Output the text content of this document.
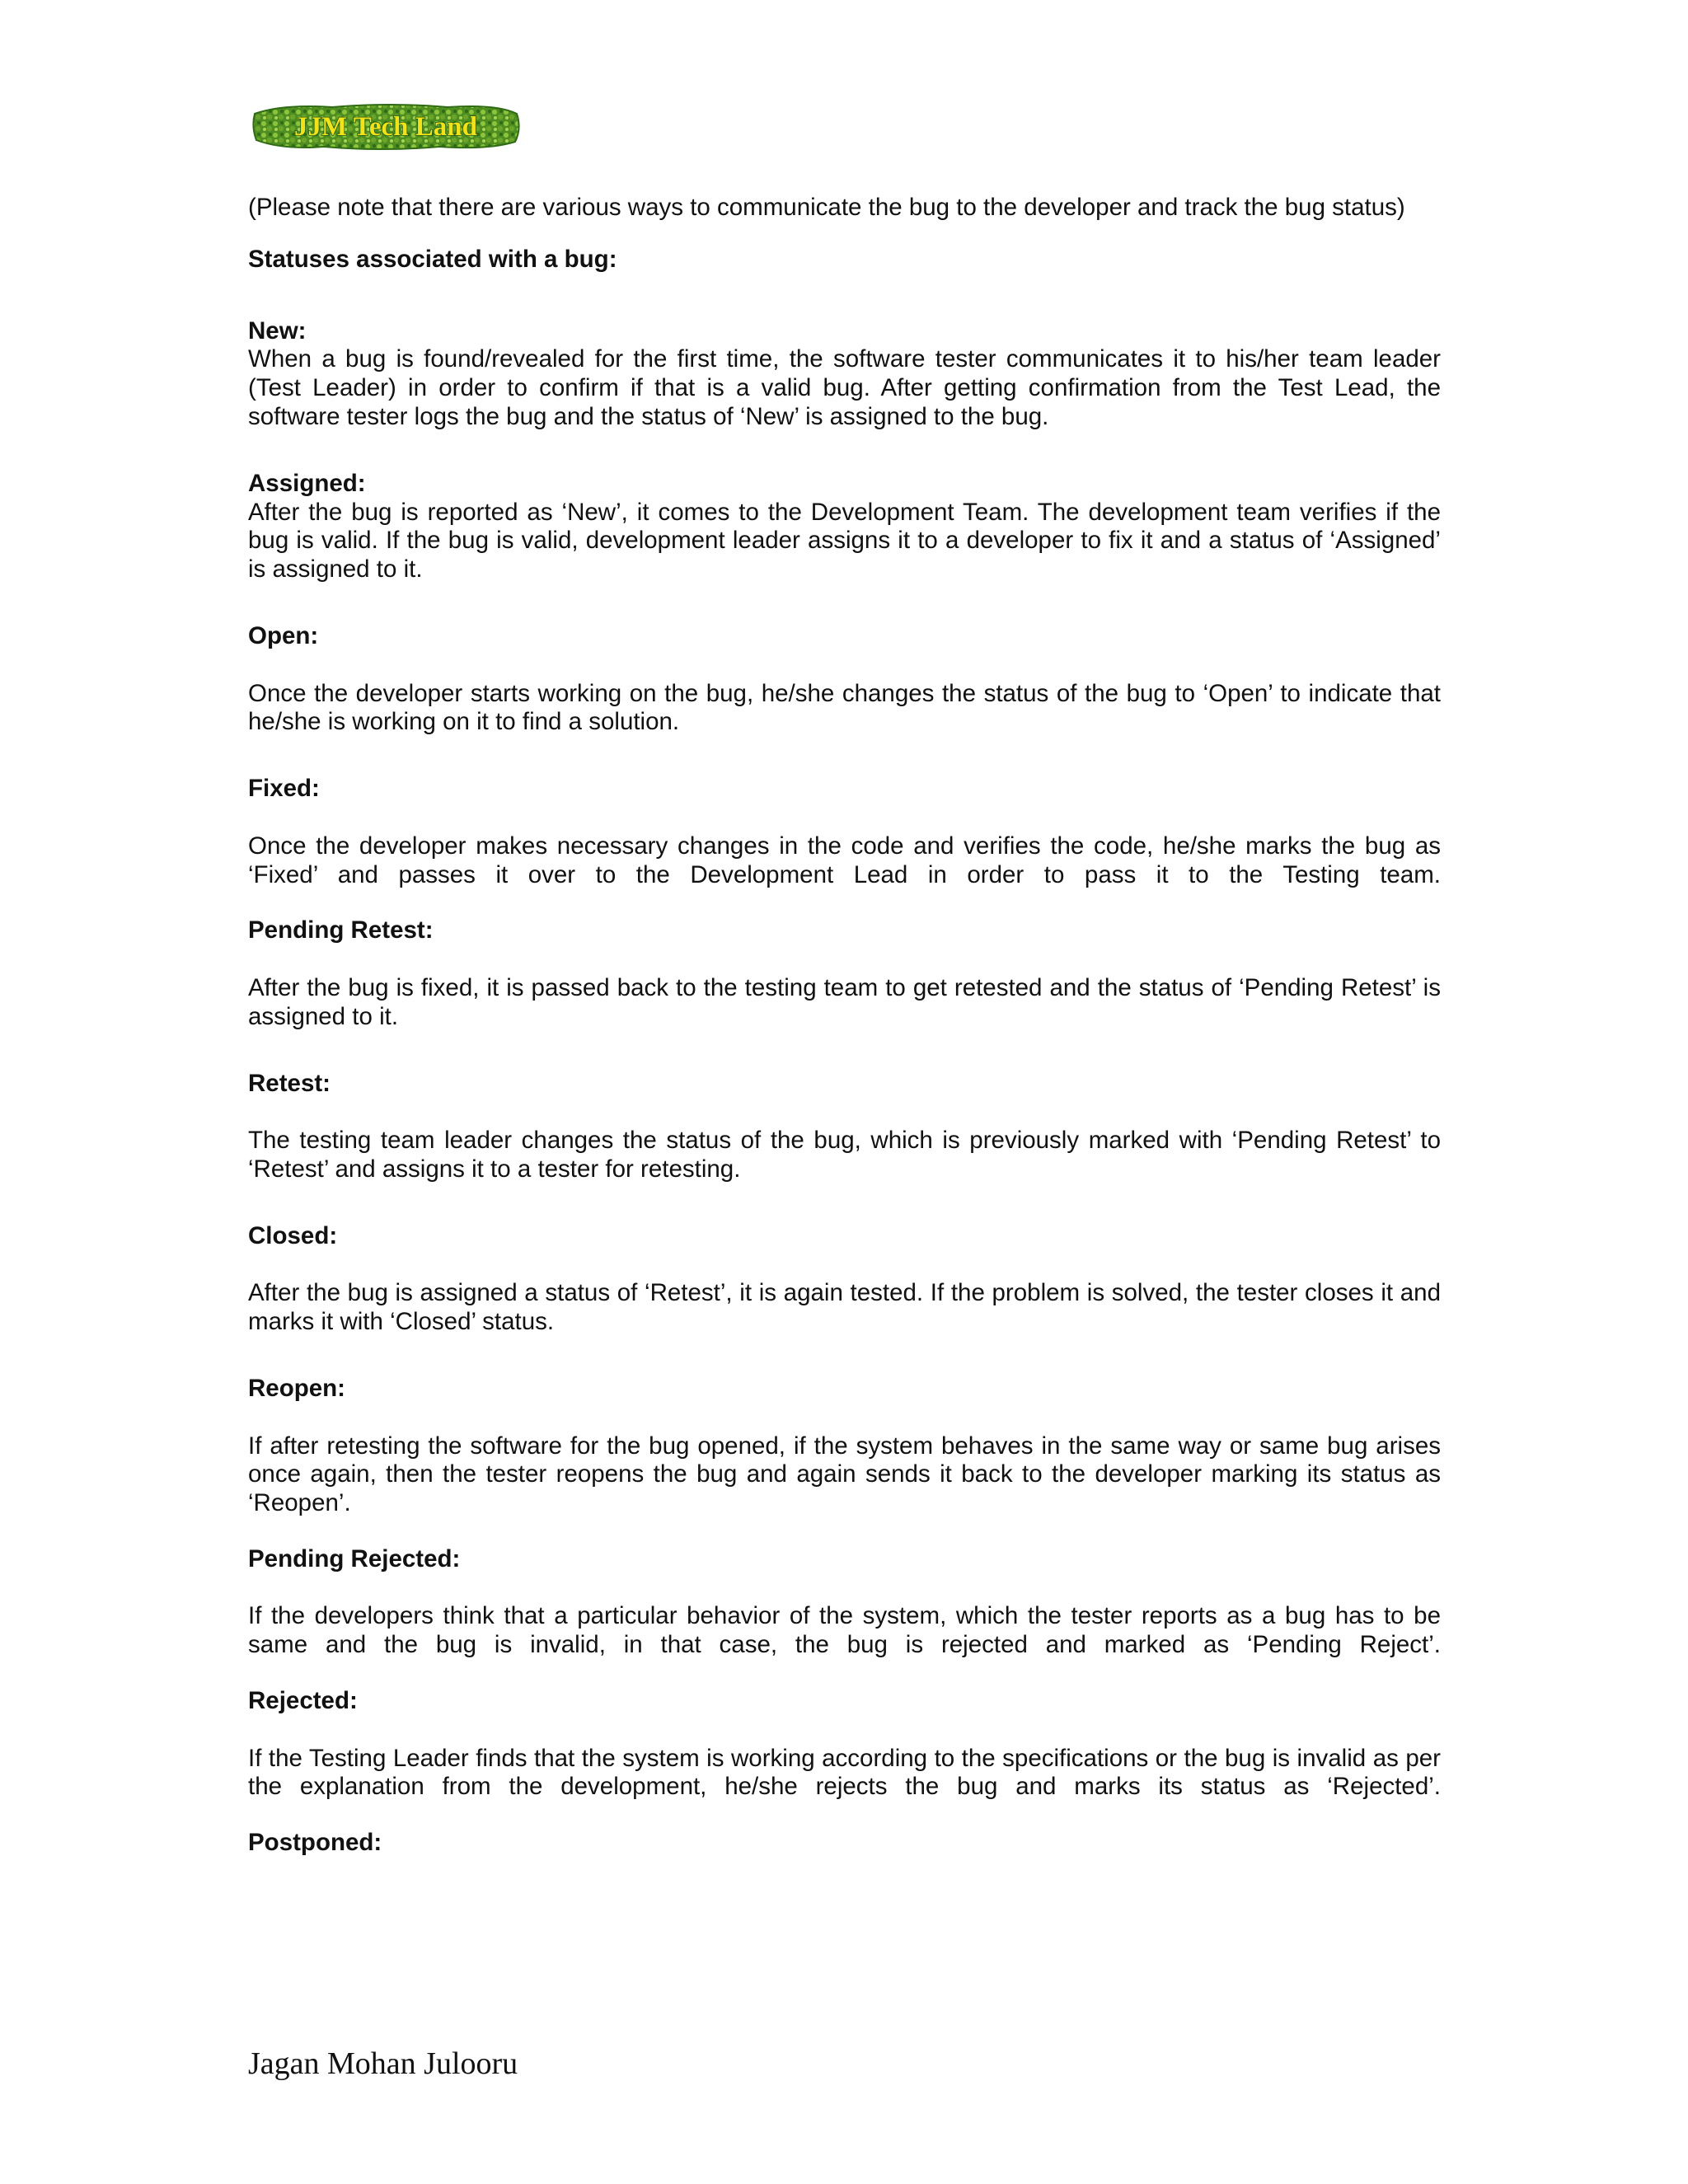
JJM Tech Land

(Please note that there are various ways to communicate the bug to the developer and track the bug status)

Statuses associated with a bug:

New:

When a bug is found/revealed for the first time, the software tester communicates it to his/her team leader (Test Leader) in order to confirm if that is a valid bug. After getting confirmation from the Test Lead, the software tester logs the bug and the status of ‘New’ is assigned to the bug.

Assigned:

After the bug is reported as ‘New’, it comes to the Development Team. The development team verifies if the bug is valid. If the bug is valid, development leader assigns it to a developer to fix it and a status of ‘Assigned’ is assigned to it.

Open:

Once the developer starts working on the bug, he/she changes the status of the bug to ‘Open’ to indicate that he/she is working on it to find a solution.

Fixed:

Once the developer makes necessary changes in the code and verifies the code, he/she marks the bug as ‘Fixed’ and passes it over to the Development Lead in order to pass it to the Testing team.

Pending Retest:

After the bug is fixed, it is passed back to the testing team to get retested and the status of ‘Pending Retest’ is assigned to it.

Retest:

The testing team leader changes the status of the bug, which is previously marked with ‘Pending Retest’ to ‘Retest’ and assigns it to a tester for retesting.

Closed:

After the bug is assigned a status of ‘Retest’, it is again tested. If the problem is solved, the tester closes it and marks it with ‘Closed’ status.

Reopen:

If after retesting the software for the bug opened, if the system behaves in the same way or same bug arises once again, then the tester reopens the bug and again sends it back to the developer marking its status as ‘Reopen’.

Pending Rejected:

If the developers think that a particular behavior of the system, which the tester reports as a bug has to be same and the bug is invalid, in that case, the bug is rejected and marked as ‘Pending Reject’.

Rejected:

If the Testing Leader finds that the system is working according to the specifications or the bug is invalid as per the explanation from the development, he/she rejects the bug and marks its status as ‘Rejected’.

Postponed:

Jagan Mohan Julooru
